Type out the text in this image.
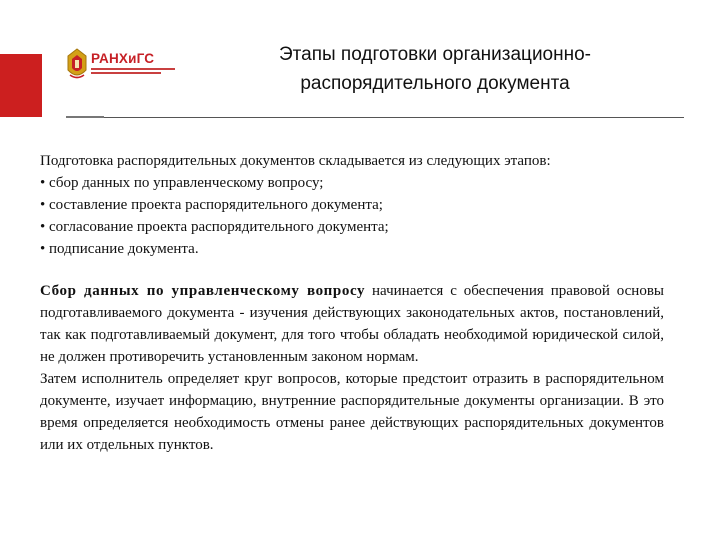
РАНХиГС	Этапы подготовки организационно-
распорядительного документа

Подготовка распорядительных документов складывается из следующих этапов:

• сбор данных по управленческому вопросу;

• составление проекта распорядительного документа;

• согласование проекта распорядительного документа;

• подписание документа.

Сбор данных по управленческому вопросу начинается с обеспечения правовой основы подготавливаемого документа - изучения действующих законодательных актов, постановлений, так как подготавливаемый документ, для того чтобы обладать необходимой юридической силой, не должен противоречить установленным законом нормам.

Затем исполнитель определяет круг вопросов, которые предстоит отразить в распорядительном документе, изучает информацию, внутренние распорядительные документы организации. В это время определяется необходимость отмены ранее действующих распорядительных документов или их отдельных пунктов.
